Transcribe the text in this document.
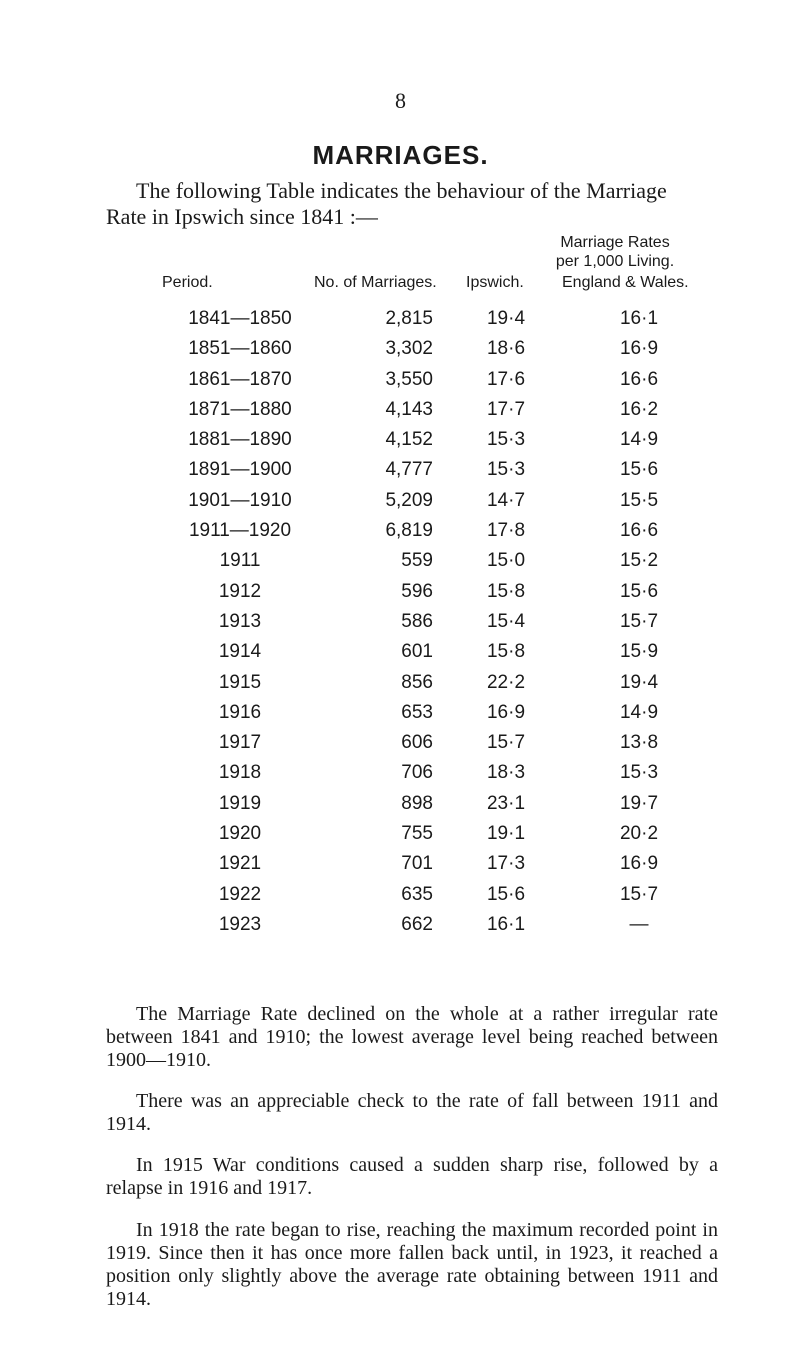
8
MARRIAGES.
The following Table indicates the behaviour of the Marriage
Rate in Ipswich since 1841 :—
Marriage Rates
per 1,000 Living.
Period.	No. of Marriages. Ipswich. England & Wales.
1841—1850	2,815	19·4	16·1
1851—1860	3,302	18·6	16·9
1861—1870	3,550	17·6	16·6
1871—1880	4,143	17·7	16·2
1881—1890	4,152	15·3	14·9
1891—1900	4,777	15·3	15·6
1901—1910	5,209	14·7	15·5
1911—1920	6,819	17·8	16·6
1911	559	15·0	15·2
1912	596	15·8	15·6
1913	586	15·4	15·7
1914	601	15·8	15·9
1915	856	22·2	19·4
1916	653	16·9	14·9
1917	606	15·7	13·8
1918	706	18·3	15·3
1919	898	23·1	19·7
1920	755	19·1	20·2
1921	701	17·3	16·9
1922	635	15·6	15·7
1923	662	16·1	—
The Marriage Rate declined on the whole at a rather irregular rate between 1841 and 1910; the lowest average level being reached between 1900—1910.
There was an appreciable check to the rate of fall between 1911 and 1914.
In 1915 War conditions caused a sudden sharp rise, followed by a relapse in 1916 and 1917.
In 1918 the rate began to rise, reaching the maximum recorded point in 1919. Since then it has once more fallen back until, in 1923, it reached a position only slightly above the average rate obtaining between 1911 and 1914.
